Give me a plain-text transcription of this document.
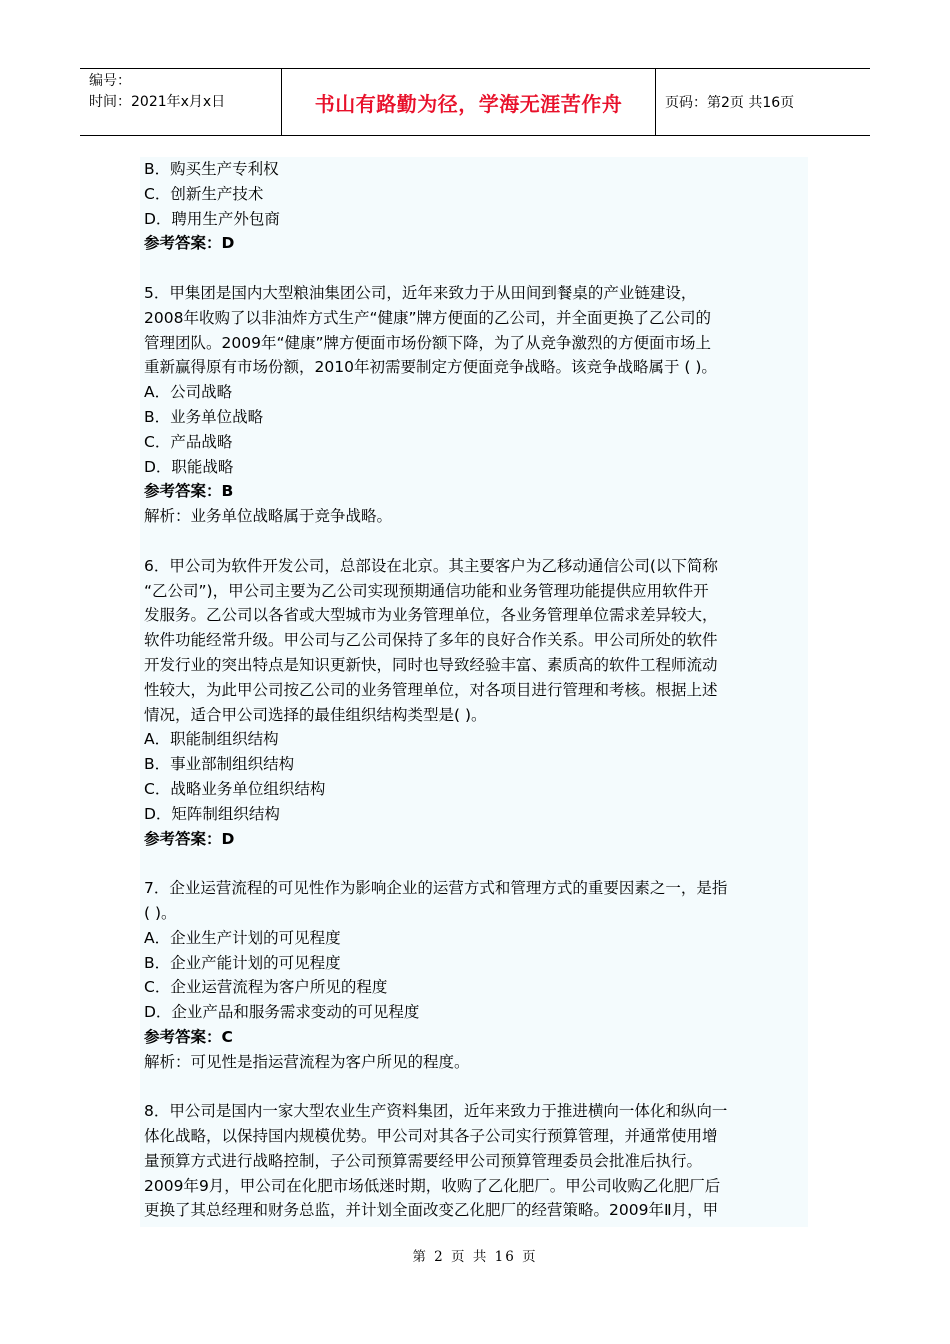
编号：
时间：2021年x月x日	书山有路勤为径，学海无涯苦作舟	页码：第2页 共16页
B．购买生产专利权
C．创新生产技术
D．聘用生产外包商
参考答案：D
5．甲集团是国内大型粮油集团公司，近年来致力于从田间到餐桌的产业链建设，
2008年收购了以非油炸方式生产“健康”牌方便面的乙公司，并全面更换了乙公司的
管理团队。2009年“健康”牌方便面市场份额下降，为了从竞争激烈的方便面市场上
重新赢得原有市场份额，2010年初需要制定方便面竞争战略。该竞争战略属于 ( )。
A．公司战略
B．业务单位战略
C．产品战略
D．职能战略
参考答案：B
解析：业务单位战略属于竞争战略。
6．甲公司为软件开发公司，总部设在北京。其主要客户为乙移动通信公司(以下简称
“乙公司”)，甲公司主要为乙公司实现预期通信功能和业务管理功能提供应用软件开
发服务。乙公司以各省或大型城市为业务管理单位，各业务管理单位需求差异较大，
软件功能经常升级。甲公司与乙公司保持了多年的良好合作关系。甲公司所处的软件
开发行业的突出特点是知识更新快，同时也导致经验丰富、素质高的软件工程师流动
性较大，为此甲公司按乙公司的业务管理单位，对各项目进行管理和考核。根据上述
情况，适合甲公司选择的最佳组织结构类型是( )。
A．职能制组织结构
B．事业部制组织结构
C．战略业务单位组织结构
D．矩阵制组织结构
参考答案：D
7．企业运营流程的可见性作为影响企业的运营方式和管理方式的重要因素之一，是指
( )。
A．企业生产计划的可见程度
B．企业产能计划的可见程度
C．企业运营流程为客户所见的程度
D．企业产品和服务需求变动的可见程度
参考答案：C
解析：可见性是指运营流程为客户所见的程度。
8．甲公司是国内一家大型农业生产资料集团，近年来致力于推进横向一体化和纵向一
体化战略，以保持国内规模优势。甲公司对其各子公司实行预算管理，并通常使用增
量预算方式进行战略控制，子公司预算需要经甲公司预算管理委员会批准后执行。
2009年9月，甲公司在化肥市场低迷时期，收购了乙化肥厂。甲公司收购乙化肥厂后
更换了其总经理和财务总监，并计划全面改变乙化肥厂的经营策略。2009年Ⅱ月，甲
第 2 页 共 16 页
